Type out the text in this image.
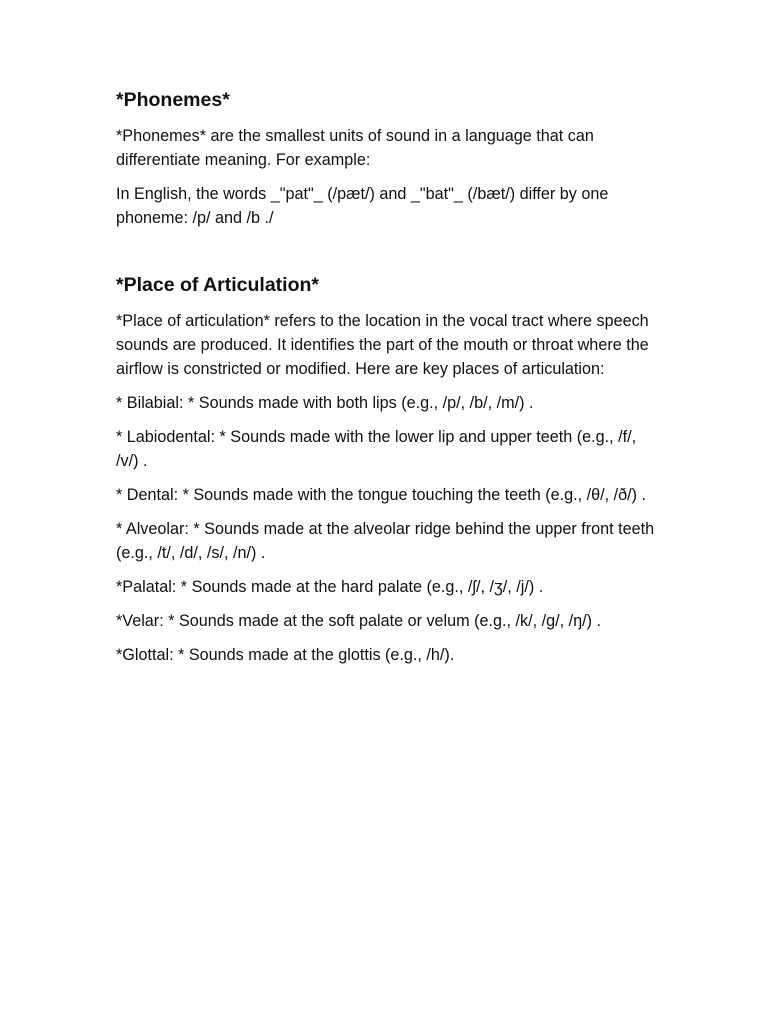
*Phonemes*

*Phonemes* are the smallest units of sound in a language that can differentiate meaning. For example:

In English, the words _"pat"_ (/pæt/) and _"bat"_ (/bæt/) differ by one phoneme: /p/ and /b ./

*Place of Articulation*

*Place of articulation* refers to the location in the vocal tract where speech sounds are produced. It identifies the part of the mouth or throat where the airflow is constricted or modified. Here are key places of articulation:

* Bilabial: * Sounds made with both lips (e.g., /p/, /b/, /m/) .

* Labiodental: * Sounds made with the lower lip and upper teeth (e.g., /f/, /v/) .

* Dental: * Sounds made with the tongue touching the teeth (e.g., /θ/, /ð/) .

* Alveolar: * Sounds made at the alveolar ridge behind the upper front teeth (e.g., /t/, /d/, /s/, /n/) .

*Palatal: * Sounds made at the hard palate (e.g., /ʃ/, /ʒ/, /j/) .

*Velar: * Sounds made at the soft palate or velum (e.g., /k/, /g/, /ŋ/) .

*Glottal: * Sounds made at the glottis (e.g., /h/).
